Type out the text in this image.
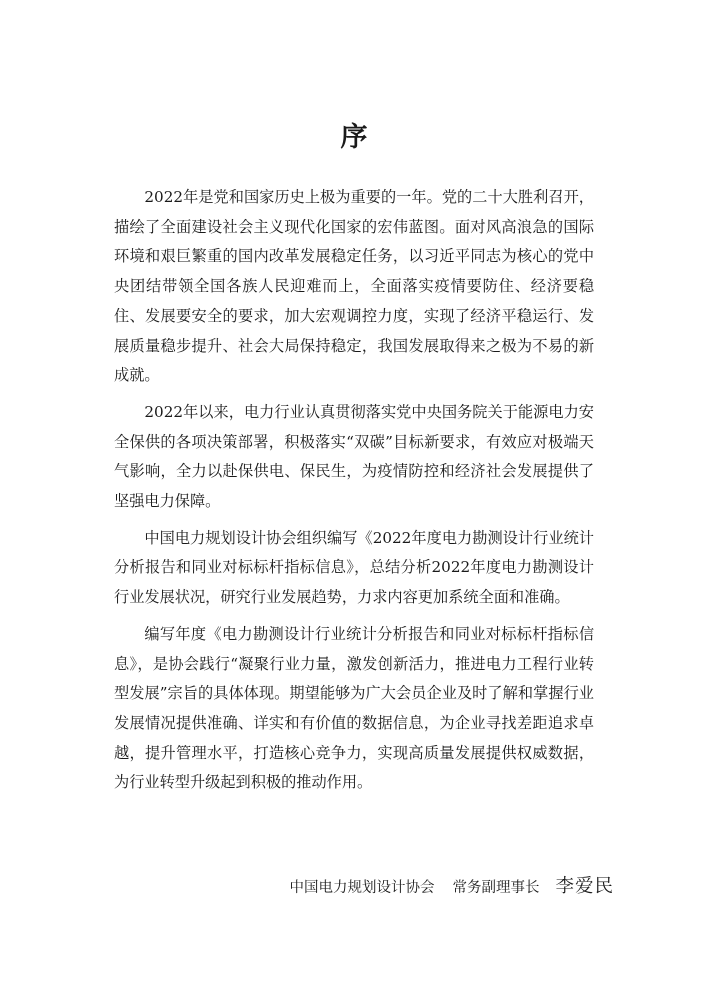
序

2022年是党和国家历史上极为重要的一年。党的二十大胜利召开，描绘了全面建设社会主义现代化国家的宏伟蓝图。面对风高浪急的国际环境和艰巨繁重的国内改革发展稳定任务，以习近平同志为核心的党中央团结带领全国各族人民迎难而上，全面落实疫情要防住、经济要稳住、发展要安全的要求，加大宏观调控力度，实现了经济平稳运行、发展质量稳步提升、社会大局保持稳定，我国发展取得来之极为不易的新成就。

2022年以来，电力行业认真贯彻落实党中央国务院关于能源电力安全保供的各项决策部署，积极落实“双碳”目标新要求，有效应对极端天气影响，全力以赴保供电、保民生，为疫情防控和经济社会发展提供了坚强电力保障。

中国电力规划设计协会组织编写《2022年度电力勘测设计行业统计分析报告和同业对标标杆指标信息》，总结分析2022年度电力勘测设计行业发展状况，研究行业发展趋势，力求内容更加系统全面和准确。

编写年度《电力勘测设计行业统计分析报告和同业对标标杆指标信息》，是协会践行“凝聚行业力量，激发创新活力，推进电力工程行业转型发展”宗旨的具体体现。期望能够为广大会员企业及时了解和掌握行业发展情况提供准确、详实和有价值的数据信息，为企业寻找差距追求卓越，提升管理水平，打造核心竞争力，实现高质量发展提供权威数据，为行业转型升级起到积极的推动作用。

中国电力规划设计协会 常务副理事长 李爱民
